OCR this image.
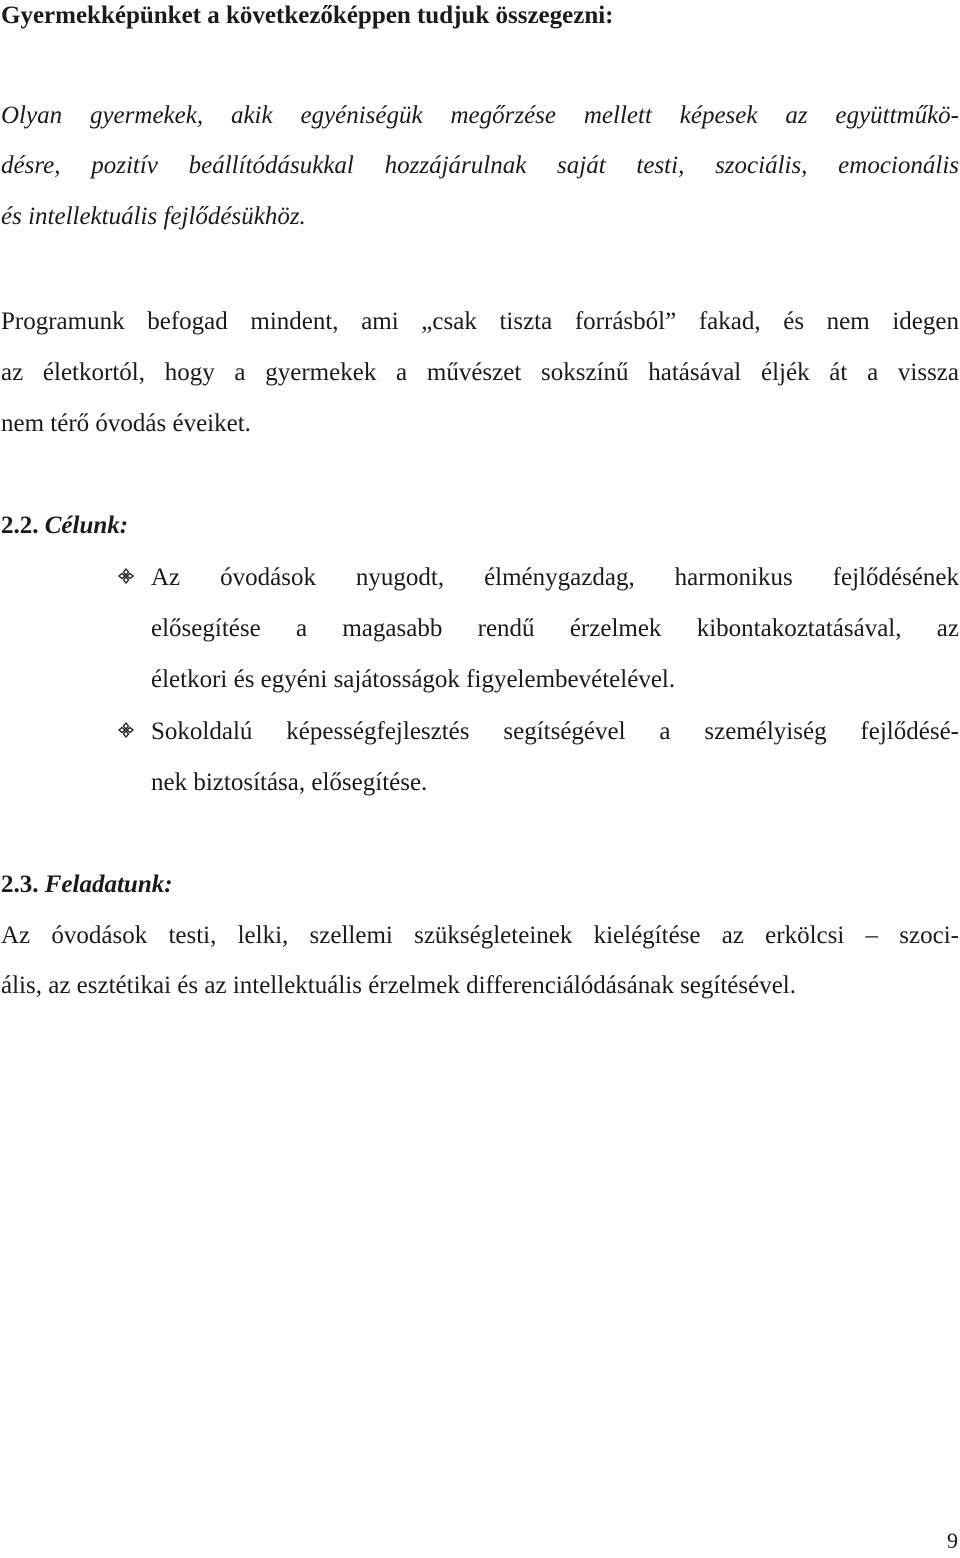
Gyermekképünket a következőképpen tudjuk összegezni:
Olyan gyermekek, akik egyéniségük megőrzése mellett képesek az együttműkö-
désre, pozitív beállítódásukkal hozzájárulnak saját testi, szociális, emocionális
és intellektuális fejlődésükhöz.
Programunk befogad mindent, ami „csak tiszta forrásból” fakad, és nem idegen
az életkortól, hogy a gyermekek a művészet sokszínű hatásával éljék át a vissza
nem térő óvodás éveiket.
2.2. Célunk:
Az óvodások nyugodt, élménygazdag, harmonikus fejlődésének
elősegítése a magasabb rendű érzelmek kibontakoztatásával, az
életkori és egyéni sajátosságok figyelembevételével.
Sokoldalú képességfejlesztés segítségével a személyiség fejlődésé-
nek biztosítása, elősegítése.
2.3. Feladatunk:
Az óvodások testi, lelki, szellemi szükségleteinek kielégítése az erkölcsi – szoci-
ális, az esztétikai és az intellektuális érzelmek differenciálódásának segítésével.
9
